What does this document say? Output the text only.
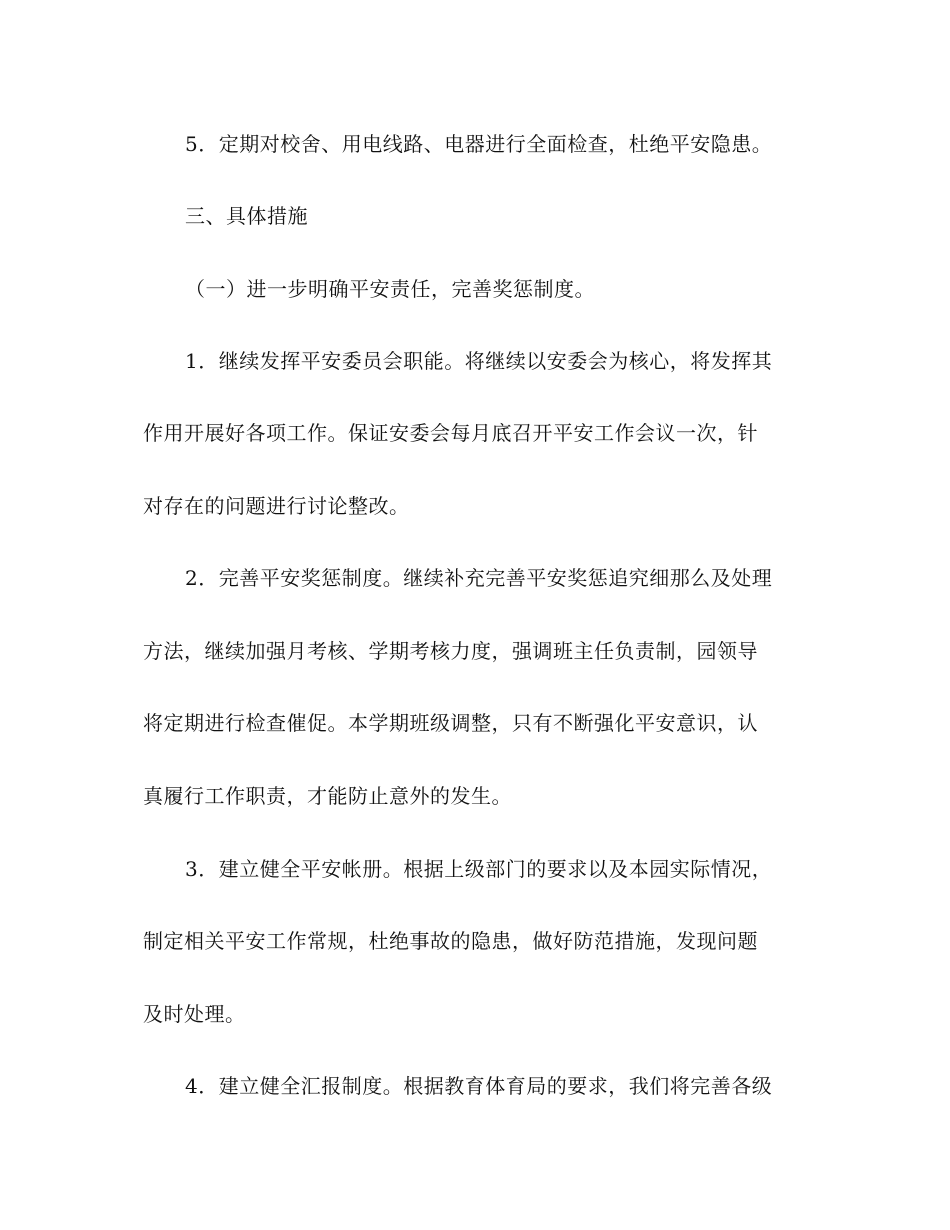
5．定期对校舍、用电线路、电器进行全面检查，杜绝平安隐患。
三、具体措施
（一）进一步明确平安责任，完善奖惩制度。
1．继续发挥平安委员会职能。将继续以安委会为核心，将发挥其
作用开展好各项工作。保证安委会每月底召开平安工作会议一次，针
对存在的问题进行讨论整改。
2．完善平安奖惩制度。继续补充完善平安奖惩追究细那么及处理
方法，继续加强月考核、学期考核力度，强调班主任负责制，园领导
将定期进行检查催促。本学期班级调整，只有不断强化平安意识，认
真履行工作职责，才能防止意外的发生。
3．建立健全平安帐册。根据上级部门的要求以及本园实际情况，
制定相关平安工作常规，杜绝事故的隐患，做好防范措施，发现问题
及时处理。
4．建立健全汇报制度。根据教育体育局的要求，我们将完善各级
